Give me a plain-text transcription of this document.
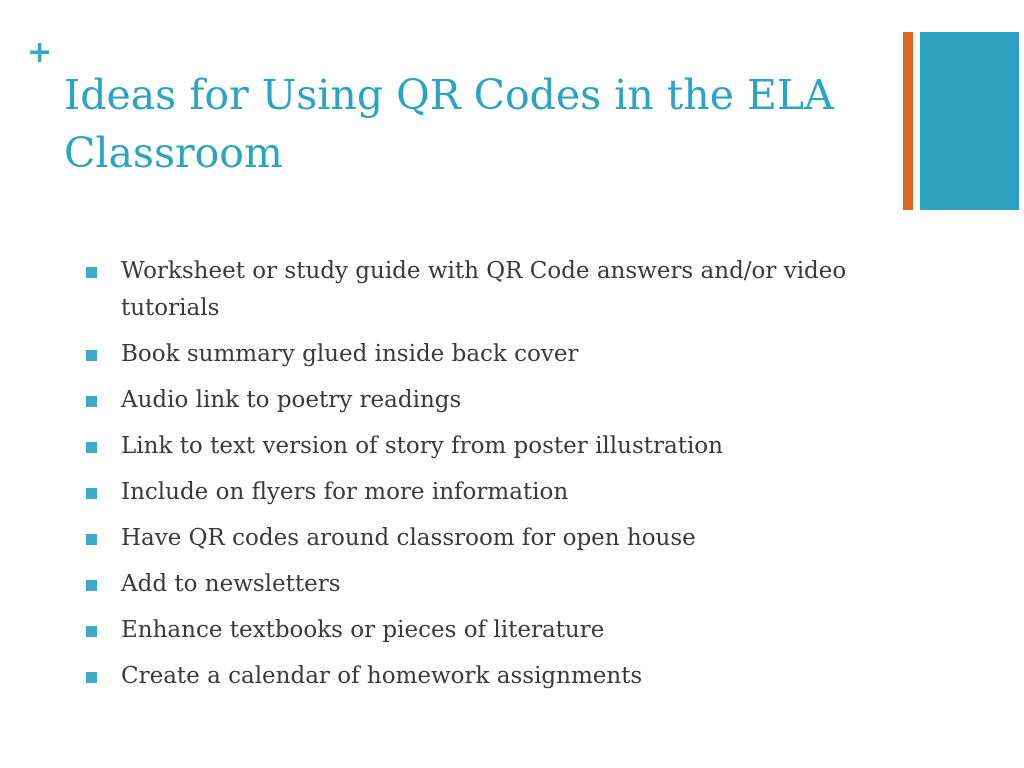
+
Ideas for Using QR Codes in the ELA Classroom
Worksheet or study guide with QR Code answers and/or video tutorials
Book summary glued inside back cover
Audio link to poetry readings
Link to text version of story from poster illustration
Include on flyers for more information
Have QR codes around classroom for open house
Add to newsletters
Enhance textbooks or pieces of literature
Create a calendar of homework assignments
